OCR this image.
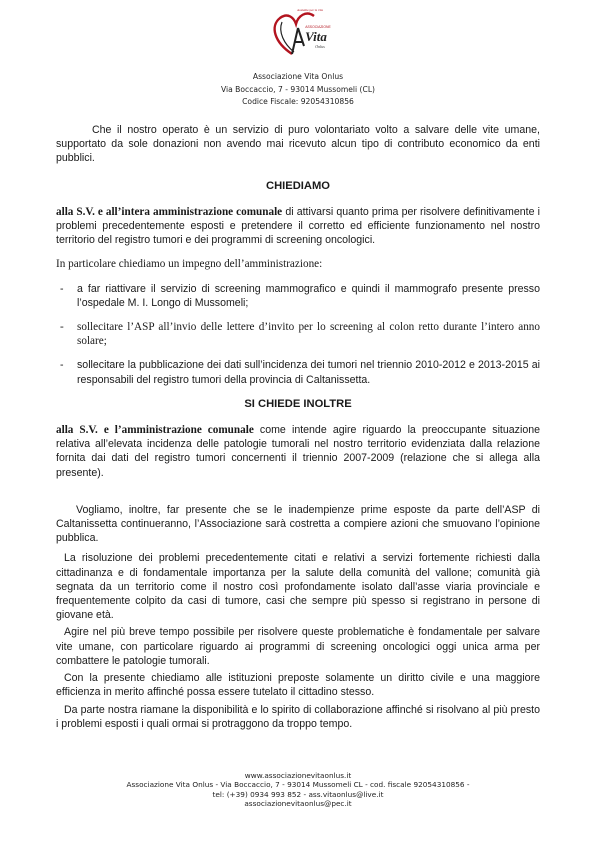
Assieme per la vita
ASSOCIAZIONE
Vita
Onlus
Associazione Vita Onlus
Via Boccaccio, 7 - 93014 Mussomeli (CL)
Codice Fiscale: 92054310856

Che il nostro operato è un servizio di puro volontariato volto a salvare delle vite umane, supportato da sole donazioni non avendo mai ricevuto alcun tipo di contributo economico da enti pubblici.

CHIEDIAMO

alla S.V. e all’intera amministrazione comunale di attivarsi quanto prima per risolvere definitivamente i problemi precedentemente esposti e pretendere il corretto ed efficiente funzionamento nel nostro territorio del registro tumori e dei programmi di screening oncologici.

In particolare chiediamo un impegno dell’amministrazione:

- a far riattivare il servizio di screening mammografico e quindi il mammografo presente presso l’ospedale M. I. Longo di Mussomeli;
- sollecitare l’ASP all’invio delle lettere d’invito per lo screening al colon retto durante l’intero anno solare;
- sollecitare la pubblicazione dei dati sull’incidenza dei tumori nel triennio 2010-2012 e 2013-2015 ai responsabili del registro tumori della provincia di Caltanissetta.
SI CHIEDE INOLTRE

alla S.V. e l’amministrazione comunale come intende agire riguardo la preoccupante situazione relativa all’elevata incidenza delle patologie tumorali nel nostro territorio evidenziata dalla relazione fornita dai dati del registro tumori concernenti il triennio 2007-2009 (relazione che si allega alla presente).

Vogliamo, inoltre, far presente che se le inadempienze prime esposte da parte dell’ASP di Caltanissetta continueranno, l’Associazione sarà costretta a compiere azioni che smuovano l’opinione pubblica.

La risoluzione dei problemi precedentemente citati e relativi a servizi fortemente richiesti dalla cittadinanza e di fondamentale importanza per la salute della comunità del vallone; comunità già segnata da un territorio come il nostro così profondamente isolato dall’asse viaria provinciale e frequentemente colpito da casi di tumore, casi che sempre più spesso si registrano in persone di giovane età.

Agire nel più breve tempo possibile per risolvere queste problematiche è fondamentale per salvare vite umane, con particolare riguardo ai programmi di screening oncologici oggi unica arma per combattere le patologie tumorali.

Con la presente chiediamo alle istituzioni preposte solamente un diritto civile e una maggiore efficienza in merito affinché possa essere tutelato il cittadino stesso.

Da parte nostra riamane la disponibilità e lo spirito di collaborazione affinché si risolvano al più presto i problemi esposti i quali ormai si protraggono da troppo tempo.

www.associazionevitaonlus.it
Associazione Vita Onlus - Via Boccaccio, 7 - 93014 Mussomeli CL - cod. fiscale 92054310856 -
tel: (+39) 0934 993 852 - ass.vitaonlus@live.it
associazionevitaonlus@pec.it
